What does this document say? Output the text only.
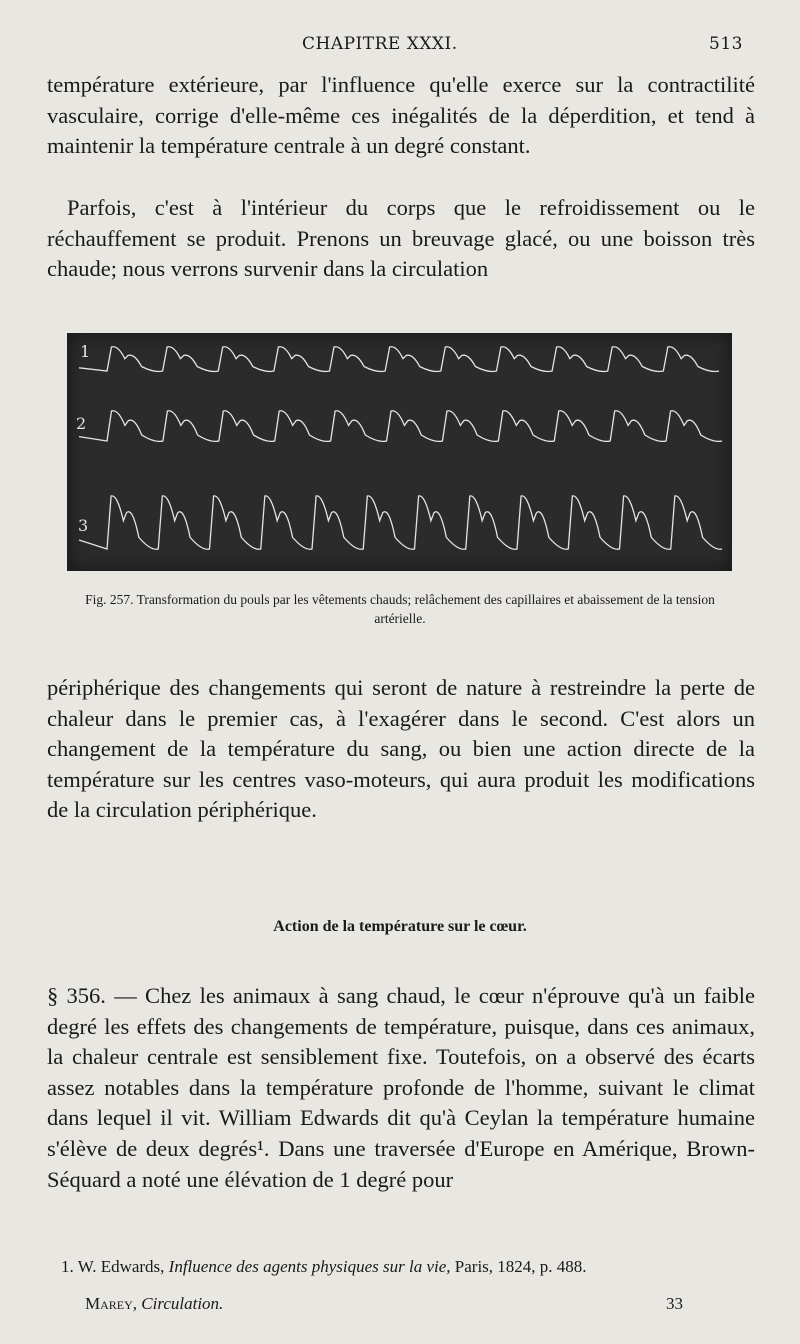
CHAPITRE XXXI.	513

température extérieure, par l'influence qu'elle exerce sur la contractilité vasculaire, corrige d'elle-même ces inégalités de la déperdition, et tend à maintenir la température centrale à un degré constant.

Parfois, c'est à l'intérieur du corps que le refroidissement ou le réchauffement se produit. Prenons un breuvage glacé, ou une boisson très chaude; nous verrons survenir dans la circulation

1
2
3

Fig. 257. Transformation du pouls par les vêtements chauds; relâchement des capillaires et abaissement de la tension artérielle.

périphérique des changements qui seront de nature à restreindre la perte de chaleur dans le premier cas, à l'exagérer dans le second. C'est alors un changement de la température du sang, ou bien une action directe de la température sur les centres vaso-moteurs, qui aura produit les modifications de la circulation périphérique.

Action de la température sur le cœur.

§ 356. — Chez les animaux à sang chaud, le cœur n'éprouve qu'à un faible degré les effets des changements de température, puisque, dans ces animaux, la chaleur centrale est sensiblement fixe. Toutefois, on a observé des écarts assez notables dans la température profonde de l'homme, suivant le climat dans lequel il vit. William Edwards dit qu'à Ceylan la température humaine s'élève de deux degrés¹. Dans une traversée d'Europe en Amérique, Brown-Séquard a noté une élévation de 1 degré pour

1. W. Edwards, Influence des agents physiques sur la vie, Paris, 1824, p. 488.

Marey, Circulation.	33
